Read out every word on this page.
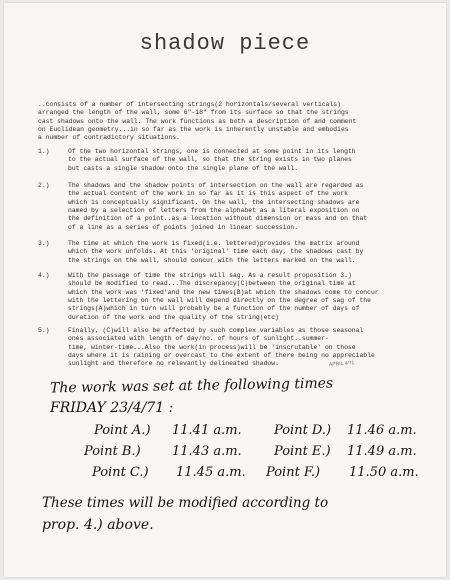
shadow piece
..consists of a number of intersecting strings(2 horizontals/several verticals)
arranged the length of the wall, some 6"-18" from its surface so that the strings
cast shadows onto the wall. The work functions as both a description of and comment
on Euclidean geometry...in so far as the work is inherently unstable and embodies
a number of contradictory situations.
1.)	Of the two horizontal strings, one is connected at some point in its length
to the actual surface of the wall, so that the string exists in two planes
but casts a single shadow onto the single plane of the wall.
2.)	The shadows and the shadow points of intersection on the wall are regarded as
the actual content of the work in so far as it is this aspect of the work
which is conceptually significant. On the wall, the intersecting shadows are
named by a selection of letters from the alphabet as a literal exposition on
the definition of a point..as a location without dimension or mass and on that
of a line as a series of points joined in linear succession.
3.)	The time at which the work is fixed(i.e. lettered)provides the matrix around
which the work unfolds. At this 'original' time each day, the shadows cast by
the strings on the wall, should concur with the letters marked on the wall.
4.)	With the passage of time the strings will sag. As a result proposition 3.)
should be modified to read...The discrepancy(C)between the original time at
which the work was 'fixed'and the new times(B)at which the shadows come to concur
with the lettering on the wall will depend directly on the degree of sag of the
strings(A)which in turn will probably be a function of the number of days of
duration of the work and the quality of the string(etc)
5.)	Finally, (C)will also be affected by such complex variables as those seasonal
ones associated with length of day/no. of hours of sunlight..summer-
time, winter-time...Also the work(in process)will be 'inscrutable' on those
days where it is raining or overcast to the extent of there being no appreciable
sunlight and therefore no relevantly delineated shadow.	APRIL 4/71
The work was set at the following times
FRIDAY 23/4/71 :
Point A.) 11.41 a.m. Point D.) 11.46 a.m.
Point B.) 11.43 a.m. Point E.) 11.49 a.m.
Point C.) 11.45 a.m. Point F.) 11.50 a.m.
These times will be modified according to
prop. 4.) above.
